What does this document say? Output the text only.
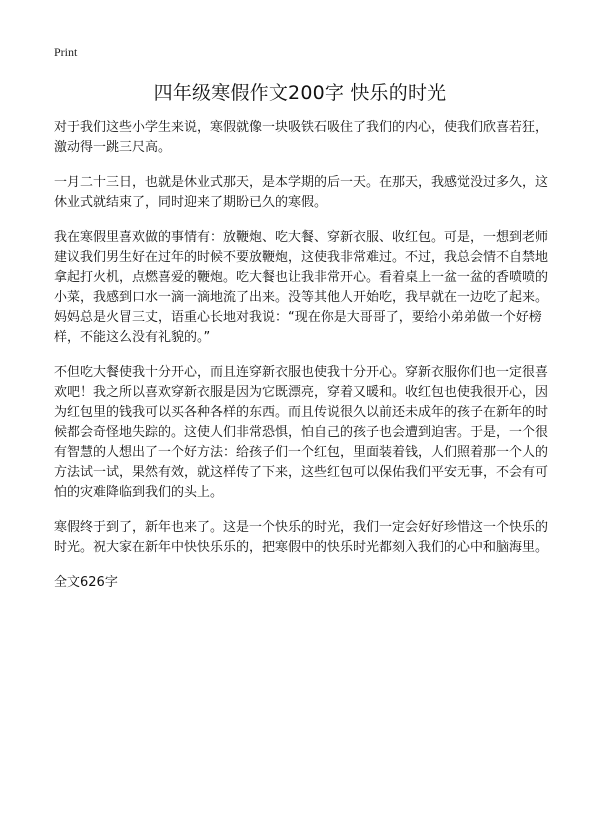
Print
四年级寒假作文200字 快乐的时光

对于我们这些小学生来说，寒假就像一块吸铁石吸住了我们的内心，使我们欣喜若狂，激动得一跳三尺高。

一月二十三日，也就是休业式那天，是本学期的后一天。在那天，我感觉没过多久，这休业式就结束了，同时迎来了期盼已久的寒假。

我在寒假里喜欢做的事情有：放鞭炮、吃大餐、穿新衣服、收红包。可是，一想到老师建议我们男生好在过年的时候不要放鞭炮，这使我非常难过。不过，我总会情不自禁地拿起打火机，点燃喜爱的鞭炮。吃大餐也让我非常开心。看着桌上一盆一盆的香喷喷的小菜，我感到口水一滴一滴地流了出来。没等其他人开始吃，我早就在一边吃了起来。妈妈总是火冒三丈，语重心长地对我说：“现在你是大哥哥了，要给小弟弟做一个好榜样，不能这么没有礼貌的。”

不但吃大餐使我十分开心，而且连穿新衣服也使我十分开心。穿新衣服你们也一定很喜欢吧！我之所以喜欢穿新衣服是因为它既漂亮，穿着又暖和。收红包也使我很开心，因为红包里的钱我可以买各种各样的东西。而且传说很久以前还未成年的孩子在新年的时候都会奇怪地失踪的。这使人们非常恐惧，怕自己的孩子也会遭到迫害。于是，一个很有智慧的人想出了一个好方法：给孩子们一个红包，里面装着钱，人们照着那一个人的方法试一试，果然有效，就这样传了下来，这些红包可以保佑我们平安无事，不会有可怕的灾难降临到我们的头上。

寒假终于到了，新年也来了。这是一个快乐的时光，我们一定会好好珍惜这一个快乐的时光。祝大家在新年中快快乐乐的，把寒假中的快乐时光都刻入我们的心中和脑海里。

全文626字
